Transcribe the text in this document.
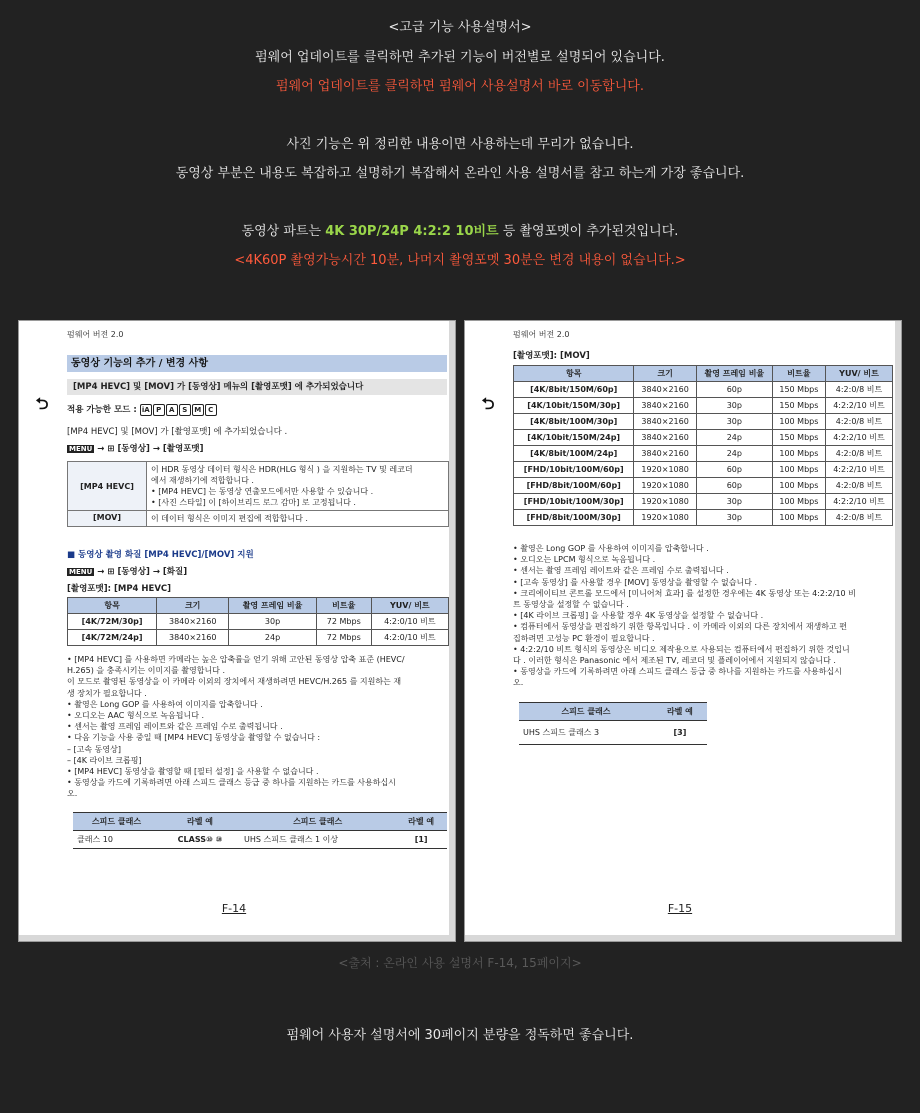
<고급 기능 사용설명서>
펌웨어 업데이트를 클릭하면 추가된 기능이 버전별로 설명되어 있습니다.
펌웨어 업데이트를 클릭하면 펌웨어 사용설명서 바로 이동합니다.
사진 기능은 위 정리한 내용이면 사용하는데 무리가 없습니다.
동영상 부분은 내용도 복잡하고 설명하기 복잡해서 온라인 사용 설명서를 참고 하는게 가장 좋습니다.
동영상 파트는 4K 30P/24P 4:2:2 10비트 등 촬영포멧이 추가된것입니다.
<4K60P 촬영가능시간 10분, 나머지 촬영포멧 30분은 변경 내용이 없습니다.>
⮌
펌웨어 버전 2.0
동영상 기능의 추가 / 변경 사항
[MP4 HEVC] 및 [MOV] 가 [동영상] 메뉴의 [촬영포맷] 에 추가되었습니다
적용 가능한 모드 : iA P A S M C
[MP4 HEVC] 및 [MOV] 가 [촬영포맷] 에 추가되었습니다 .
MENU → ⊞ [동영상] → [촬영포맷]
[MP4 HEVC]	이 HDR 동영상 데이터 형식은 HDR(HLG 형식 ) 을 지원하는 TV 및 레코더
에서 재생하기에 적합합니다 .
• [MP4 HEVC] 는 동영상 연출모드에서만 사용할 수 있습니다 .
• [사진 스타일] 이 [하이브리드 로그 감마] 로 고정됩니다 .

[MOV]	이 데이터 형식은 이미지 편집에 적합합니다 .
■ 동영상 촬영 화질 [MP4 HEVC]/[MOV] 지원
MENU → ⊞ [동영상] → [화질]
[촬영포맷]: [MP4 HEVC]
항목	크기	촬영 프레임 비율	비트율	YUV/ 비트
[4K/72M/30p]	3840×2160	30p	72 Mbps	4:2:0/10 비트
[4K/72M/24p]	3840×2160	24p	72 Mbps	4:2:0/10 비트
• [MP4 HEVC] 를 사용하면 카메라는 높은 압축률을 얻기 위해 고안된 동영상 압축 표준 (HEVC/
H.265) 을 충족시키는 이미지를 촬영합니다 .
이 모드로 촬영된 동영상을 이 카메라 이외의 장치에서 재생하려면 HEVC/H.265 를 지원하는 재
생 장치가 필요합니다 .
• 촬영은 Long GOP 를 사용하여 이미지를 압축합니다 .
• 오디오는 AAC 형식으로 녹음됩니다 .
• 센서는 촬영 프레임 레이트와 같은 프레임 수로 출력됩니다 .
• 다음 기능을 사용 중일 때 [MP4 HEVC] 동영상을 촬영할 수 없습니다 :
– [고속 동영상]
– [4K 라이브 크롭핑]
• [MP4 HEVC] 동영상을 촬영할 때 [필터 설정] 을 사용할 수 없습니다 .
• 동영상을 카드에 기록하려면 아래 스피드 클래스 등급 중 하나를 지원하는 카드를 사용하십시
오.
스피드 클래스	라벨 예	스피드 클래스	라벨 예
클래스 10	CLASS⑩ ⑩	UHS 스피드 클래스 1 이상	[1]
F-14
⮌
펌웨어 버전 2.0
[촬영포맷]: [MOV]
항목	크기	촬영 프레임 비율	비트율	YUV/ 비트
[4K/8bit/150M/60p]	3840×2160	60p	150 Mbps	4:2:0/8 비트
[4K/10bit/150M/30p]	3840×2160	30p	150 Mbps	4:2:2/10 비트
[4K/8bit/100M/30p]	3840×2160	30p	100 Mbps	4:2:0/8 비트
[4K/10bit/150M/24p]	3840×2160	24p	150 Mbps	4:2:2/10 비트
[4K/8bit/100M/24p]	3840×2160	24p	100 Mbps	4:2:0/8 비트
[FHD/10bit/100M/60p]	1920×1080	60p	100 Mbps	4:2:2/10 비트
[FHD/8bit/100M/60p]	1920×1080	60p	100 Mbps	4:2:0/8 비트
[FHD/10bit/100M/30p]	1920×1080	30p	100 Mbps	4:2:2/10 비트
[FHD/8bit/100M/30p]	1920×1080	30p	100 Mbps	4:2:0/8 비트
• 촬영은 Long GOP 를 사용하여 이미지를 압축합니다 .
• 오디오는 LPCM 형식으로 녹음됩니다 .
• 센서는 촬영 프레임 레이트와 같은 프레임 수로 출력됩니다 .
• [고속 동영상] 를 사용할 경우 [MOV] 동영상을 촬영할 수 없습니다 .
• 크리에이티브 콘트롤 모드에서 [미니어처 효과] 를 설정한 경우에는 4K 동영상 또는 4:2:2/10 비
트 동영상을 설정할 수 없습니다 .
• [4K 라이브 크롭핑] 을 사용할 경우 4K 동영상을 설정할 수 없습니다 .
• 컴퓨터에서 동영상을 편집하기 위한 항목입니다 . 이 카메라 이외의 다른 장치에서 재생하고 편
집하려면 고성능 PC 환경이 필요합니다 .
• 4:2:2/10 비트 형식의 동영상은 비디오 제작용으로 사용되는 컴퓨터에서 편집하기 위한 것입니
다 . 이러한 형식은 Panasonic 에서 제조된 TV, 레코더 및 플레이어에서 지원되지 않습니다 .
• 동영상을 카드에 기록하려면 아래 스피드 클래스 등급 중 하나를 지원하는 카드를 사용하십시
오.
스피드 클래스	라벨 예
UHS 스피드 클래스 3	[3]
F-15
<출처 : 온라인 사용 설명서 F-14, 15페이지>
펌웨어 사용자 설명서에 30페이지 분량을 정독하면 좋습니다.
